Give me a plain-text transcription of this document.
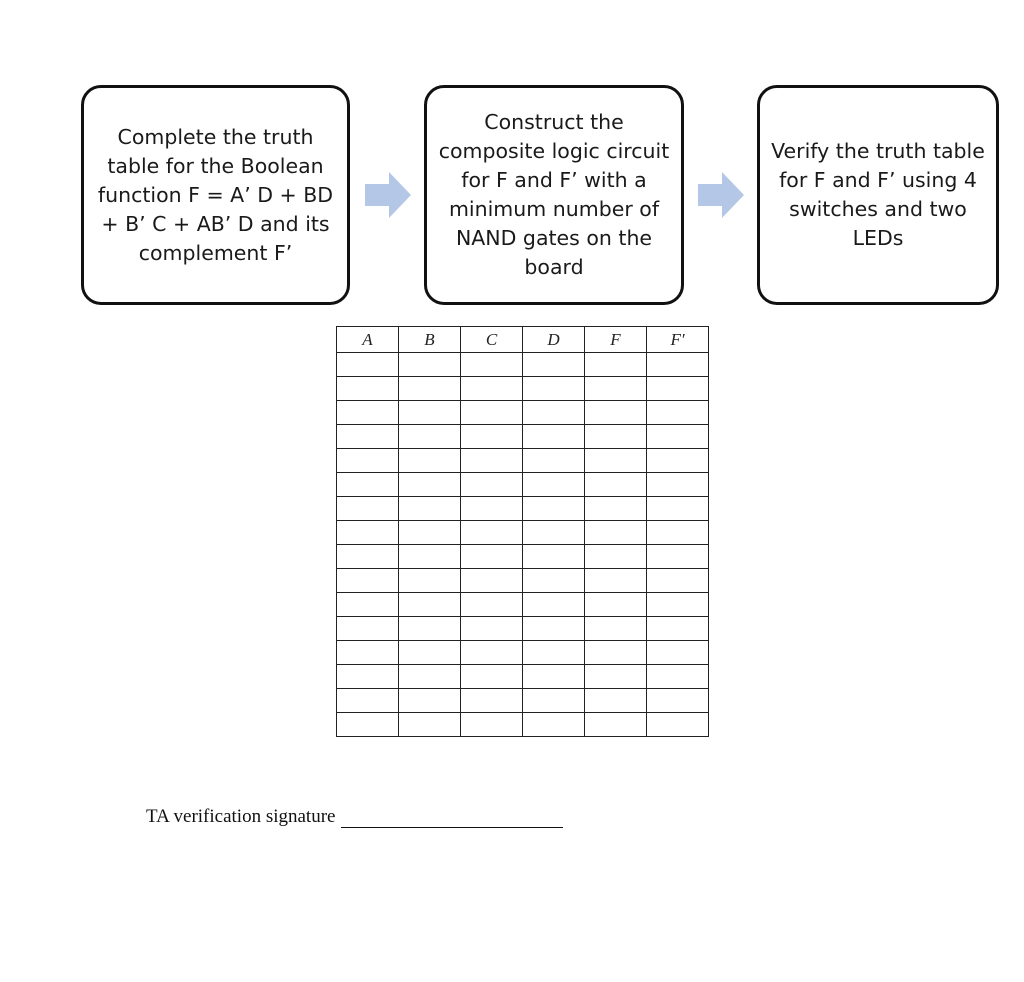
Complete the truth table for the Boolean function F = A’ D + BD + B’ C + AB’ D and its complement F’
Construct the composite logic circuit for F and F’ with a minimum number of NAND gates on the board
Verify the truth table for F and F’ using 4 switches and two LEDs
A	B	C	D	F	F′

TA verification signature
